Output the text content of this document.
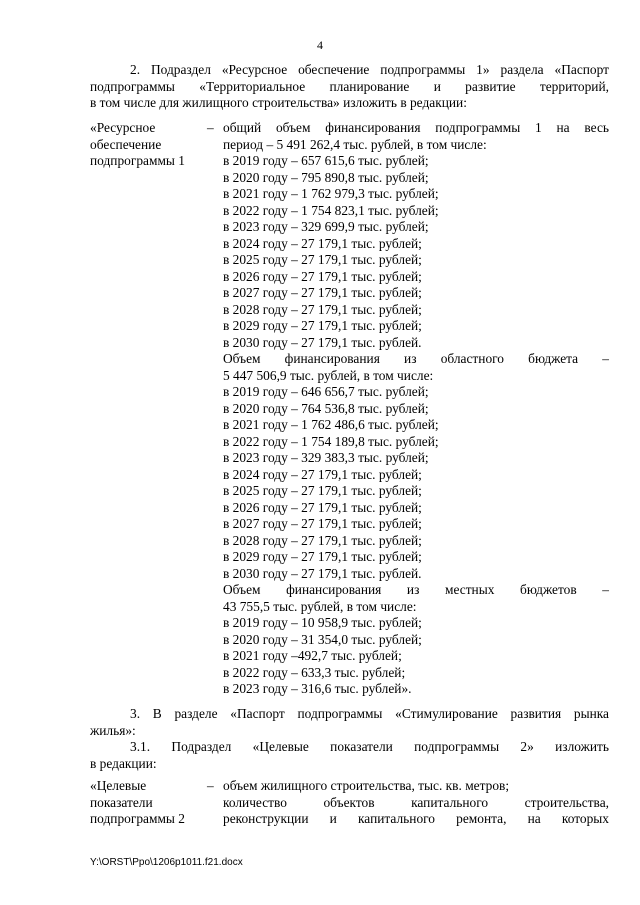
4
2. Подраздел «Ресурсное обеспечение подпрограммы 1» раздела «Паспорт
подпрограммы «Территориальное планирование и развитие территорий,
в том числе для жилищного строительства» изложить в редакции:
«Ресурсное
обеспечение
подпрограммы 1
– общий объем финансирования подпрограммы 1 на весь
период – 5 491 262,4 тыс. рублей, в том числе:
в 2019 году – 657 615,6 тыс. рублей;
в 2020 году – 795 890,8 тыс. рублей;
в 2021 году – 1 762 979,3 тыс. рублей;
в 2022 году – 1 754 823,1 тыс. рублей;
в 2023 году – 329 699,9 тыс. рублей;
в 2024 году – 27 179,1 тыс. рублей;
в 2025 году – 27 179,1 тыс. рублей;
в 2026 году – 27 179,1 тыс. рублей;
в 2027 году – 27 179,1 тыс. рублей;
в 2028 году – 27 179,1 тыс. рублей;
в 2029 году – 27 179,1 тыс. рублей;
в 2030 году – 27 179,1 тыс. рублей.
Объем финансирования из областного бюджета –
5 447 506,9 тыс. рублей, в том числе:
в 2019 году – 646 656,7 тыс. рублей;
в 2020 году – 764 536,8 тыс. рублей;
в 2021 году – 1 762 486,6 тыс. рублей;
в 2022 году – 1 754 189,8 тыс. рублей;
в 2023 году – 329 383,3 тыс. рублей;
в 2024 году – 27 179,1 тыс. рублей;
в 2025 году – 27 179,1 тыс. рублей;
в 2026 году – 27 179,1 тыс. рублей;
в 2027 году – 27 179,1 тыс. рублей;
в 2028 году – 27 179,1 тыс. рублей;
в 2029 году – 27 179,1 тыс. рублей;
в 2030 году – 27 179,1 тыс. рублей.
Объем финансирования из местных бюджетов –
43 755,5 тыс. рублей, в том числе:
в 2019 году – 10 958,9 тыс. рублей;
в 2020 году – 31 354,0 тыс. рублей;
в 2021 году –492,7 тыс. рублей;
в 2022 году – 633,3 тыс. рублей;
в 2023 году – 316,6 тыс. рублей».
3. В разделе «Паспорт подпрограммы «Стимулирование развития рынка
жилья»:
3.1. Подраздел «Целевые показатели подпрограммы 2» изложить
в редакции:
«Целевые
показатели
подпрограммы 2
– объем жилищного строительства, тыс. кв. метров;
количество объектов капитального строительства,
реконструкции и капитального ремонта, на которых
Y:\ORST\Ppo\1206p1011.f21.docx
